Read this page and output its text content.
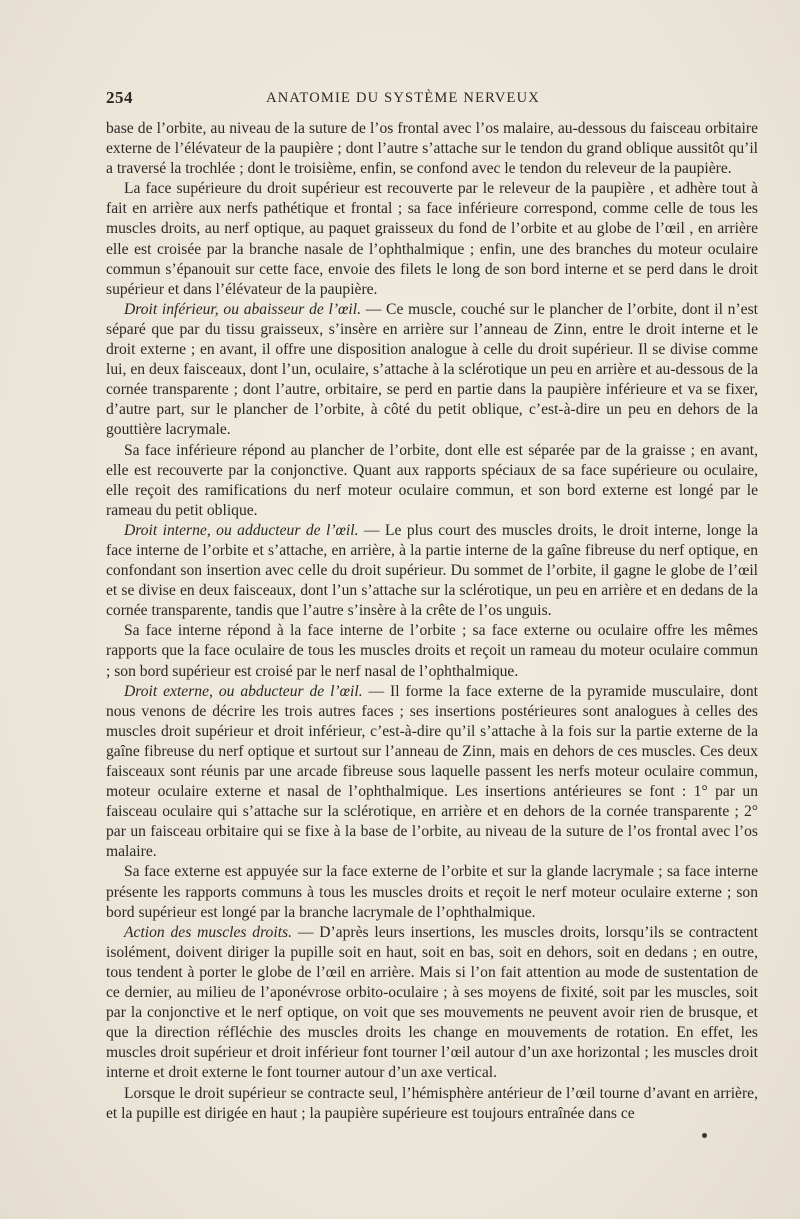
254	ANATOMIE DU SYSTÈME NERVEUX

base de l’orbite, au niveau de la suture de l’os frontal avec l’os malaire, au-dessous du faisceau orbitaire externe de l’élévateur de la paupière ; dont l’autre s’attache sur le tendon du grand oblique aussitôt qu’il a traversé la trochlée ; dont le troisième, enfin, se confond avec le tendon du releveur de la paupière.

La face supérieure du droit supérieur est recouverte par le releveur de la paupière , et adhère tout à fait en arrière aux nerfs pathétique et frontal ; sa face inférieure correspond, comme celle de tous les muscles droits, au nerf optique, au paquet graisseux du fond de l’orbite et au globe de l’œil , en arrière elle est croisée par la branche nasale de l’ophthalmique ; enfin, une des branches du moteur oculaire commun s’épanouit sur cette face, envoie des filets le long de son bord interne et se perd dans le droit supérieur et dans l’élévateur de la paupière.

Droit inférieur, ou abaisseur de l’œil. — Ce muscle, couché sur le plancher de l’orbite, dont il n’est séparé que par du tissu graisseux, s’insère en arrière sur l’anneau de Zinn, entre le droit interne et le droit externe ; en avant, il offre une disposition analogue à celle du droit supérieur. Il se divise comme lui, en deux faisceaux, dont l’un, oculaire, s’attache à la sclérotique un peu en arrière et au-dessous de la cornée transparente ; dont l’autre, orbitaire, se perd en partie dans la paupière inférieure et va se fixer, d’autre part, sur le plancher de l’orbite, à côté du petit oblique, c’est-à-dire un peu en dehors de la gouttière lacrymale.

Sa face inférieure répond au plancher de l’orbite, dont elle est séparée par de la graisse ; en avant, elle est recouverte par la conjonctive. Quant aux rapports spéciaux de sa face supérieure ou oculaire, elle reçoit des ramifications du nerf moteur oculaire commun, et son bord externe est longé par le rameau du petit oblique.

Droit interne, ou adducteur de l’œil. — Le plus court des muscles droits, le droit interne, longe la face interne de l’orbite et s’attache, en arrière, à la partie interne de la gaîne fibreuse du nerf optique, en confondant son insertion avec celle du droit supérieur. Du sommet de l’orbite, il gagne le globe de l’œil et se divise en deux faisceaux, dont l’un s’attache sur la sclérotique, un peu en arrière et en dedans de la cornée transparente, tandis que l’autre s’insère à la crête de l’os unguis.

Sa face interne répond à la face interne de l’orbite ; sa face externe ou oculaire offre les mêmes rapports que la face oculaire de tous les muscles droits et reçoit un rameau du moteur oculaire commun ; son bord supérieur est croisé par le nerf nasal de l’ophthalmique.

Droit externe, ou abducteur de l’œil. — Il forme la face externe de la pyramide musculaire, dont nous venons de décrire les trois autres faces ; ses insertions postérieures sont analogues à celles des muscles droit supérieur et droit inférieur, c’est-à-dire qu’il s’attache à la fois sur la partie externe de la gaîne fibreuse du nerf optique et surtout sur l’anneau de Zinn, mais en dehors de ces muscles. Ces deux faisceaux sont réunis par une arcade fibreuse sous laquelle passent les nerfs moteur oculaire commun, moteur oculaire externe et nasal de l’ophthalmique. Les insertions antérieures se font : 1° par un faisceau oculaire qui s’attache sur la sclérotique, en arrière et en dehors de la cornée transparente ; 2° par un faisceau orbitaire qui se fixe à la base de l’orbite, au niveau de la suture de l’os frontal avec l’os malaire.

Sa face externe est appuyée sur la face externe de l’orbite et sur la glande lacrymale ; sa face interne présente les rapports communs à tous les muscles droits et reçoit le nerf moteur oculaire externe ; son bord supérieur est longé par la branche lacrymale de l’ophthalmique.

Action des muscles droits. — D’après leurs insertions, les muscles droits, lorsqu’ils se contractent isolément, doivent diriger la pupille soit en haut, soit en bas, soit en dehors, soit en dedans ; en outre, tous tendent à porter le globe de l’œil en arrière. Mais si l’on fait attention au mode de sustentation de ce dernier, au milieu de l’aponévrose orbito-oculaire ; à ses moyens de fixité, soit par les muscles, soit par la conjonctive et le nerf optique, on voit que ses mouvements ne peuvent avoir rien de brusque, et que la direction réfléchie des muscles droits les change en mouvements de rotation. En effet, les muscles droit supérieur et droit inférieur font tourner l’œil autour d’un axe horizontal ; les muscles droit interne et droit externe le font tourner autour d’un axe vertical.

Lorsque le droit supérieur se contracte seul, l’hémisphère antérieur de l’œil tourne d’avant en arrière, et la pupille est dirigée en haut ; la paupière supérieure est toujours entraînée dans ce
